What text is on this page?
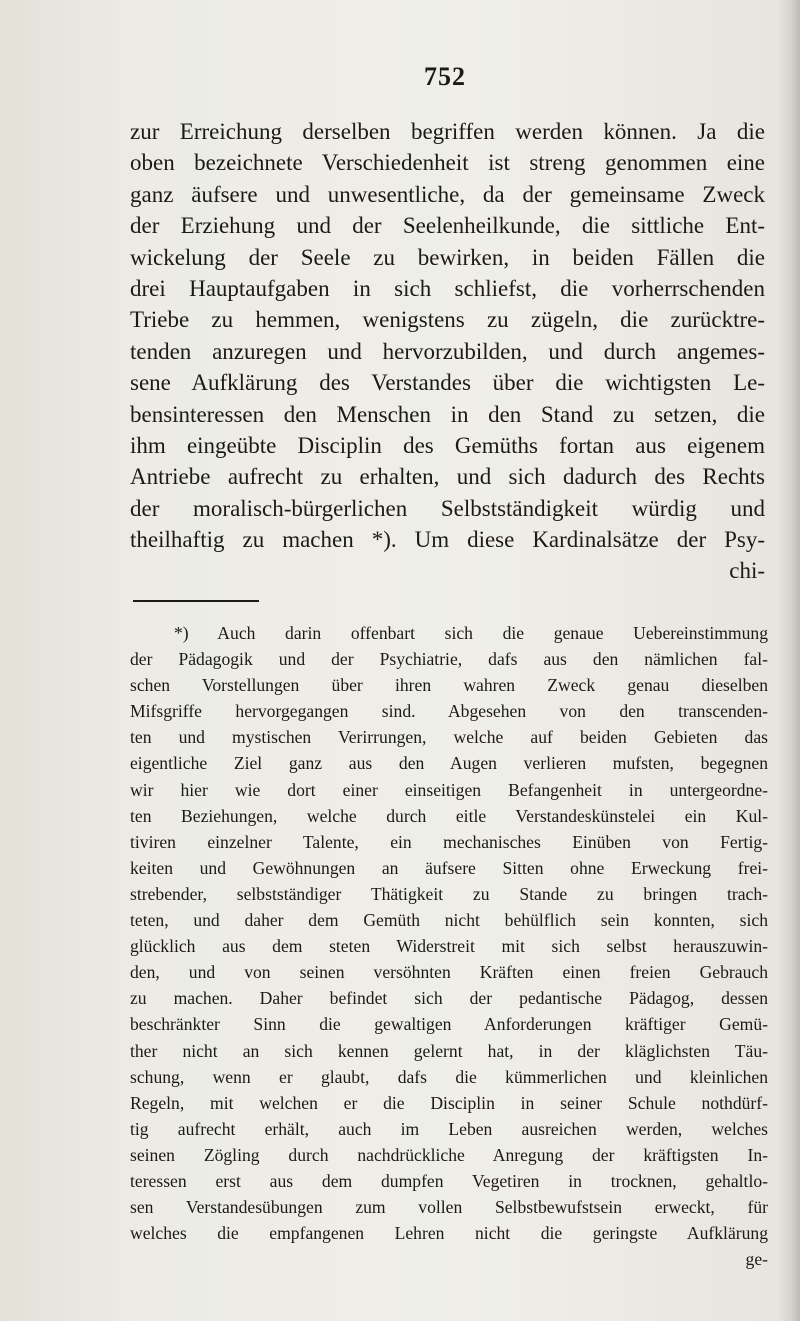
752
zur Erreichung derselben begriffen werden können. Ja die
oben bezeichnete Verschiedenheit ist streng genommen eine
ganz äufsere und unwesentliche, da der gemeinsame Zweck
der Erziehung und der Seelenheilkunde, die sittliche Ent-
wickelung der Seele zu bewirken, in beiden Fällen die
drei Hauptaufgaben in sich schliefst, die vorherrschenden
Triebe zu hemmen, wenigstens zu zügeln, die zurücktre-
tenden anzuregen und hervorzubilden, und durch angemes-
sene Aufklärung des Verstandes über die wichtigsten Le-
bensinteressen den Menschen in den Stand zu setzen, die
ihm eingeübte Disciplin des Gemüths fortan aus eigenem
Antriebe aufrecht zu erhalten, und sich dadurch des Rechts
der moralisch-bürgerlichen Selbstständigkeit würdig und
theilhaftig zu machen *). Um diese Kardinalsätze der Psy-
chi-
*) Auch darin offenbart sich die genaue Uebereinstimmung
der Pädagogik und der Psychiatrie, dafs aus den nämlichen fal-
schen Vorstellungen über ihren wahren Zweck genau dieselben
Mifsgriffe hervorgegangen sind. Abgesehen von den transcenden-
ten und mystischen Verirrungen, welche auf beiden Gebieten das
eigentliche Ziel ganz aus den Augen verlieren mufsten, begegnen
wir hier wie dort einer einseitigen Befangenheit in untergeordne-
ten Beziehungen, welche durch eitle Verstandeskünstelei ein Kul-
tiviren einzelner Talente, ein mechanisches Einüben von Fertig-
keiten und Gewöhnungen an äufsere Sitten ohne Erweckung frei-
strebender, selbstständiger Thätigkeit zu Stande zu bringen trach-
teten, und daher dem Gemüth nicht behülflich sein konnten, sich
glücklich aus dem steten Widerstreit mit sich selbst herauszuwin-
den, und von seinen versöhnten Kräften einen freien Gebrauch
zu machen. Daher befindet sich der pedantische Pädagog, dessen
beschränkter Sinn die gewaltigen Anforderungen kräftiger Gemü-
ther nicht an sich kennen gelernt hat, in der kläglichsten Täu-
schung, wenn er glaubt, dafs die kümmerlichen und kleinlichen
Regeln, mit welchen er die Disciplin in seiner Schule nothdürf-
tig aufrecht erhält, auch im Leben ausreichen werden, welches
seinen Zögling durch nachdrückliche Anregung der kräftigsten In-
teressen erst aus dem dumpfen Vegetiren in trocknen, gehaltlo-
sen Verstandesübungen zum vollen Selbstbewufstsein erweckt, für
welches die empfangenen Lehren nicht die geringste Aufklärung
ge-
